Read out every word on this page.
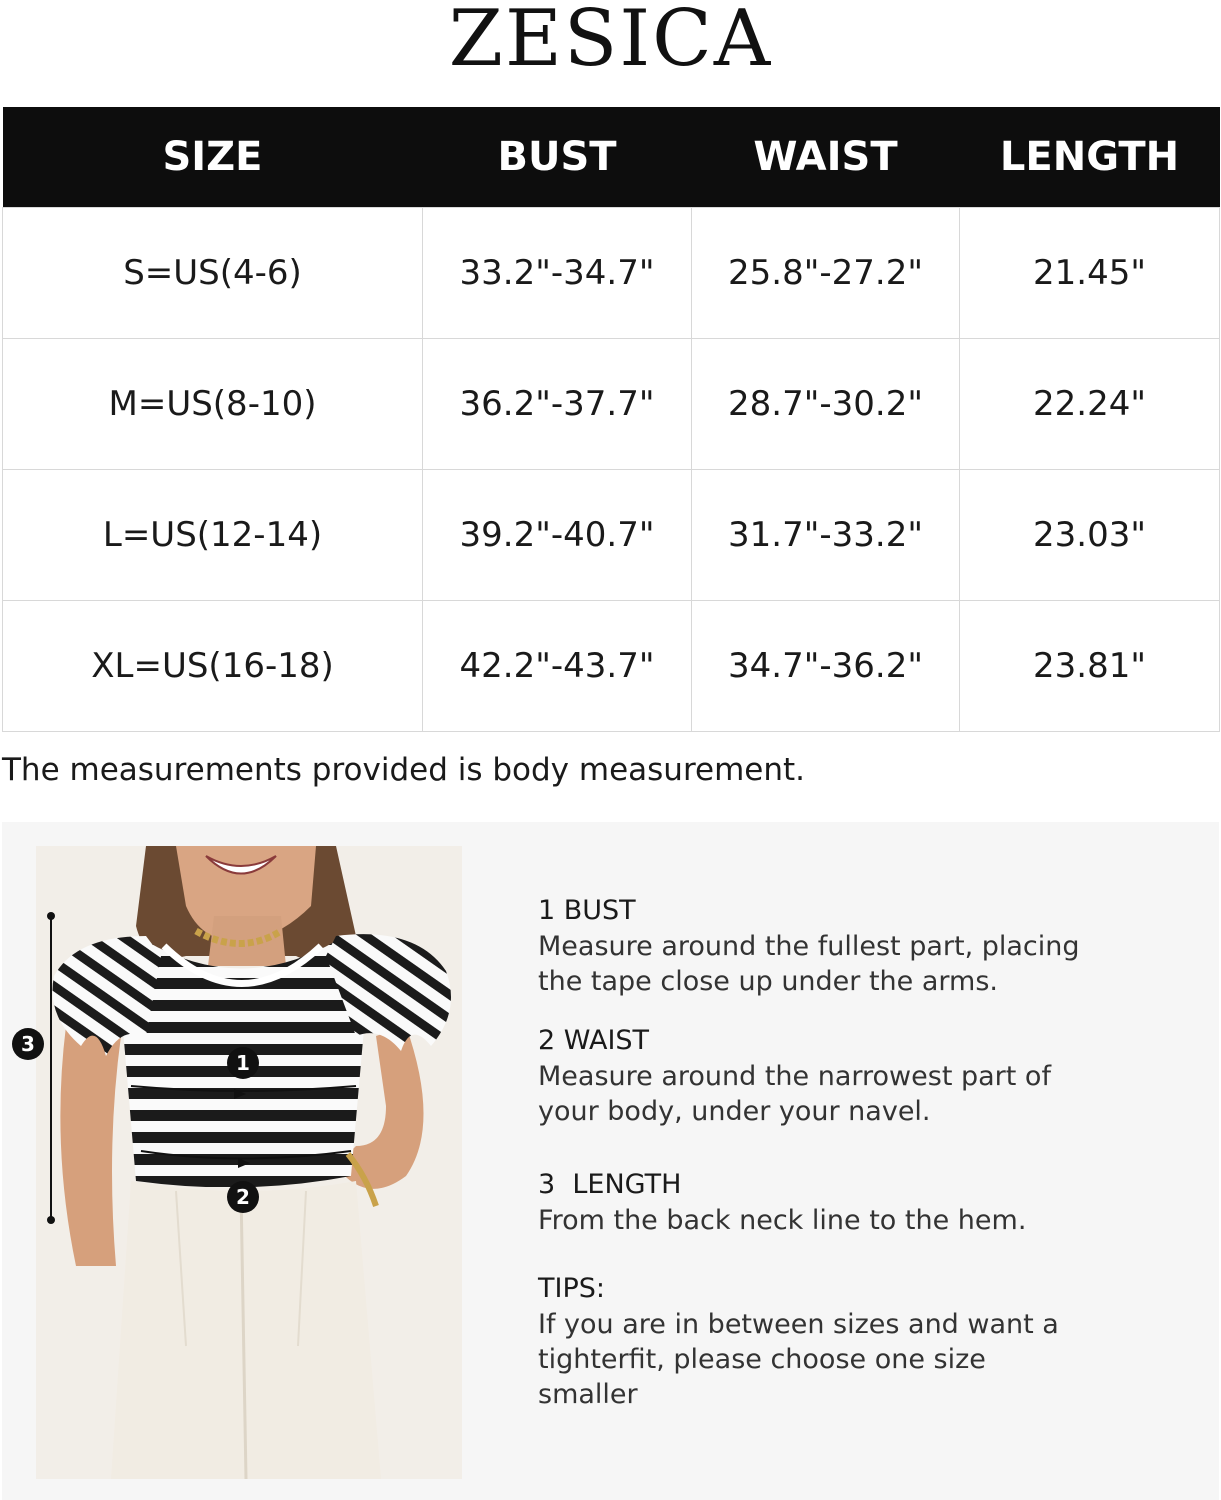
ZESICA
SIZE	BUST	WAIST	LENGTH
S=US(4-6)	33.2"-34.7"	25.8"-27.2"	21.45"
M=US(8-10)	36.2"-37.7"	28.7"-30.2"	22.24"
L=US(12-14)	39.2"-40.7"	31.7"-33.2"	23.03"
XL=US(16-18)	42.2"-43.7"	34.7"-36.2"	23.81"
The measurements provided is body measurement.
3
1
2
1 BUST
Measure around the fullest part, placing
the tape close up under the arms.
2 WAIST
Measure around the narrowest part of
your body, under your navel.
3  LENGTH
From the back neck line to the hem.
TIPS:
If you are in between sizes and want a
tighterfit, please choose one size
smaller
